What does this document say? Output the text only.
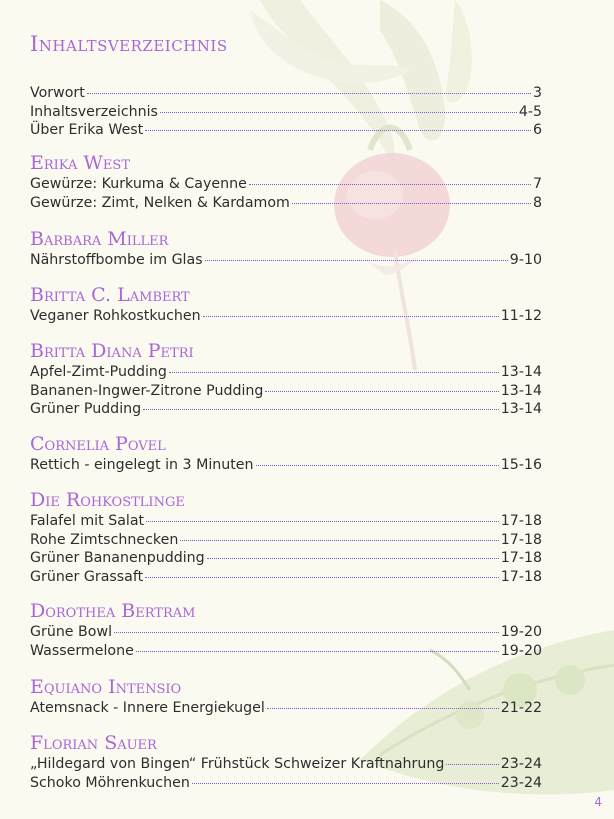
Inhaltsverzeichnis
Vorwort	3
Inhaltsverzeichnis	4-5
Über Erika West	6
Erika West
Gewürze: Kurkuma & Cayenne	7
Gewürze: Zimt, Nelken & Kardamom	8
Barbara Miller
Nährstoffbombe im Glas	9-10
Britta C. Lambert
Veganer Rohkostkuchen	11-12
Britta Diana Petri
Apfel-Zimt-Pudding	13-14
Bananen-Ingwer-Zitrone Pudding	13-14
Grüner Pudding	13-14
Cornelia Povel
Rettich - eingelegt in 3 Minuten	15-16
Die Rohkostlinge
Falafel mit Salat	17-18
Rohe Zimtschnecken	17-18
Grüner Bananenpudding	17-18
Grüner Grassaft	17-18
Dorothea Bertram
Grüne Bowl	19-20
Wassermelone	19-20
Equiano Intensio
Atemsnack - Innere Energiekugel	21-22
Florian Sauer
„Hildegard von Bingen“ Frühstück Schweizer Kraftnahrung	23-24
Schoko Möhrenkuchen	23-24
4
